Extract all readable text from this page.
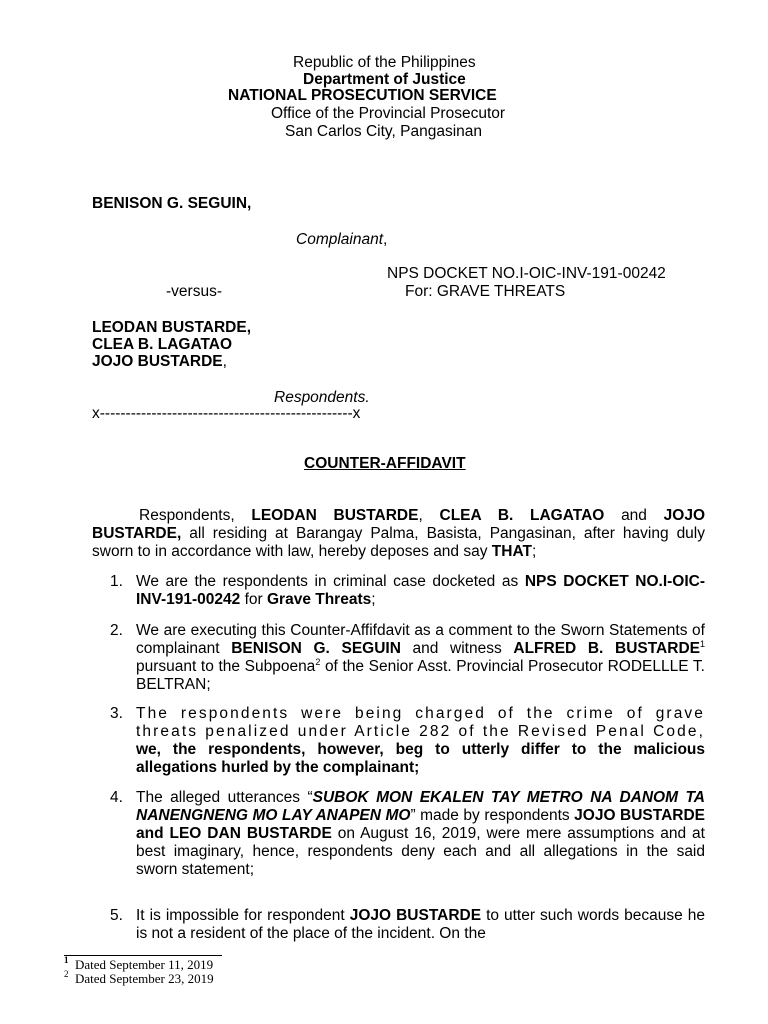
Republic of the Philippines
Department of Justice
NATIONAL PROSECUTION SERVICE
Office of the Provincial Prosecutor
San Carlos City, Pangasinan
BENISON G. SEGUIN,
Complainant,
NPS DOCKET NO.I-OIC-INV-191-00242
-versus-	For: GRAVE THREATS
LEODAN BUSTARDE,
CLEA B. LAGATAO
JOJO BUSTARDE,
Respondents.
x-------------------------------------------------x
COUNTER-AFFIDAVIT
Respondents, LEODAN BUSTARDE, CLEA B. LAGATAO and JOJO BUSTARDE, all residing at Barangay Palma, Basista, Pangasinan, after having duly sworn to in accordance with law, hereby deposes and say THAT;
1. We are the respondents in criminal case docketed as NPS DOCKET NO.I-OIC-INV-191-00242 for Grave Threats;
2. We are executing this Counter-Affifdavit as a comment to the Sworn Statements of complainant BENISON G. SEGUIN and witness ALFRED B. BUSTARDE$^1$ pursuant to the Subpoena$^2$ of the Senior Asst. Provincial Prosecutor RODELLLE T. BELTRAN;
3. The respondents were being charged of the crime of grave threats penalized under Article 282 of the Revised Penal Code, we, the respondents, however, beg to utterly differ to the malicious allegations hurled by the complainant;
4. The alleged utterances “SUBOK MON EKALEN TAY METRO NA DANOM TA NANENGNENG MO LAY ANAPEN MO” made by respondents JOJO BUSTARDE and LEO DAN BUSTARDE on August 16, 2019, were mere assumptions and at best imaginary, hence, respondents deny each and all allegations in the said sworn statement;
5. It is impossible for respondent JOJO BUSTARDE to utter such words because he is not a resident of the place of the incident. On the
$^1$ Dated September 11, 2019
$^2$ Dated September 23, 2019
